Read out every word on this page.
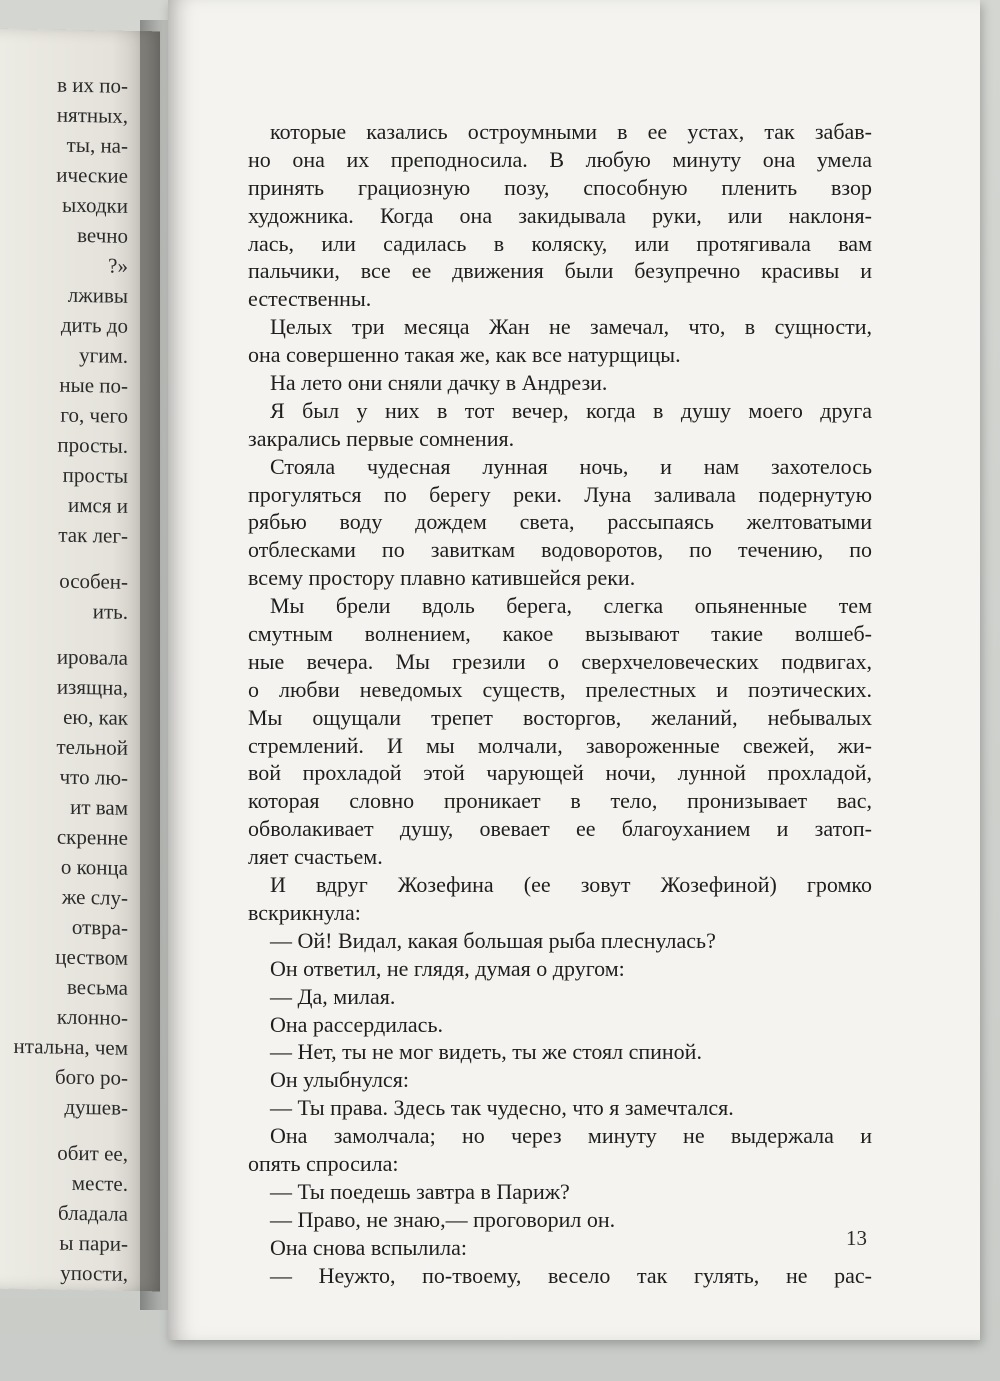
в их по-
нятных,
ты, на-
ические
ыходки
вечно
?»
лживы
дить до
угим.
ные по-
го, чего
просты.
просты
имся и
так лег-
особен-
ить.
ировала
изящна,
ею, как
тельной
что лю-
ит вам
скренне
о конца
же слу-
отвра-
цеством
весьма
клонно-
нтальна, чем
бого ро-
душев-
обит ее,
месте.
бладала
ы пари-
упости,
которые казались остроумными в ее устах, так забав-
но она их преподносила. В любую минуту она умела
принять грациозную позу, способную пленить взор
художника. Когда она закидывала руки, или наклоня-
лась, или садилась в коляску, или протягивала вам
пальчики, все ее движения были безупречно красивы и
естественны.
Целых три месяца Жан не замечал, что, в сущности,
она совершенно такая же, как все натурщицы.
На лето они сняли дачку в Андрези.
Я был у них в тот вечер, когда в душу моего друга
закрались первые сомнения.
Стояла чудесная лунная ночь, и нам захотелось
прогуляться по берегу реки. Луна заливала подернутую
рябью воду дождем света, рассыпаясь желтоватыми
отблесками по завиткам водоворотов, по течению, по
всему простору плавно катившейся реки.
Мы брели вдоль берега, слегка опьяненные тем
смутным волнением, какое вызывают такие волшеб-
ные вечера. Мы грезили о сверхчеловеческих подвигах,
о любви неведомых существ, прелестных и поэтических.
Мы ощущали трепет восторгов, желаний, небывалых
стремлений. И мы молчали, завороженные свежей, жи-
вой прохладой этой чарующей ночи, лунной прохладой,
которая словно проникает в тело, пронизывает вас,
обволакивает душу, овевает ее благоуханием и затоп-
ляет счастьем.
И вдруг Жозефина (ее зовут Жозефиной) громко
вскрикнула:
— Ой! Видал, какая большая рыба плеснулась?
Он ответил, не глядя, думая о другом:
— Да, милая.
Она рассердилась.
— Нет, ты не мог видеть, ты же стоял спиной.
Он улыбнулся:
— Ты права. Здесь так чудесно, что я замечтался.
Она замолчала; но через минуту не выдержала и
опять спросила:
— Ты поедешь завтра в Париж?
— Право, не знаю,— проговорил он.
Она снова вспылила:
— Неужто, по-твоему, весело так гулять, не рас-
13
